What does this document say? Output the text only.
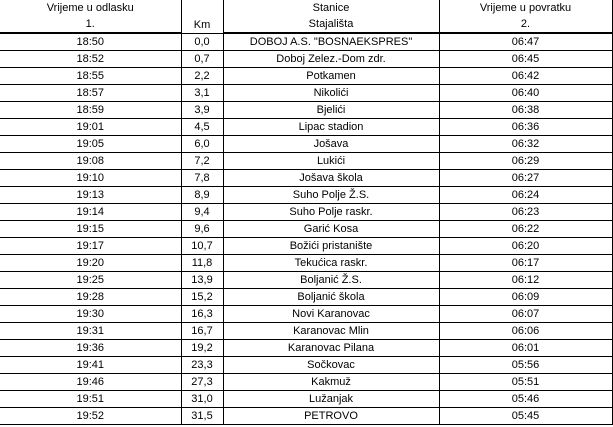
Vrijeme u odlasku	Km	Stanice	Vrijeme u povratku
1.		Stajališta	2.
18:50	0,0	DOBOJ A.S. "BOSNAEKSPRES"	06:47
18:52	0,7	Doboj Zelez.-Dom zdr.	06:45
18:55	2,2	Potkamen	06:42
18:57	3,1	Nikolići	06:40
18:59	3,9	Bjelići	06:38
19:01	4,5	Lipac stadion	06:36
19:05	6,0	Jošava	06:32
19:08	7,2	Lukići	06:29
19:10	7,8	Jošava škola	06:27
19:13	8,9	Suho Polje Ž.S.	06:24
19:14	9,4	Suho Polje raskr.	06:23
19:15	9,6	Garić Kosa	06:22
19:17	10,7	Božići pristanište	06:20
19:20	11,8	Tekućica raskr.	06:17
19:25	13,9	Boljanić Ž.S.	06:12
19:28	15,2	Boljanić škola	06:09
19:30	16,3	Novi Karanovac	06:07
19:31	16,7	Karanovac Mlin	06:06
19:36	19,2	Karanovac Pilana	06:01
19:41	23,3	Sočkovac	05:56
19:46	27,3	Kakmuž	05:51
19:51	31,0	Lužanjak	05:46
19:52	31,5	PETROVO	05:45
